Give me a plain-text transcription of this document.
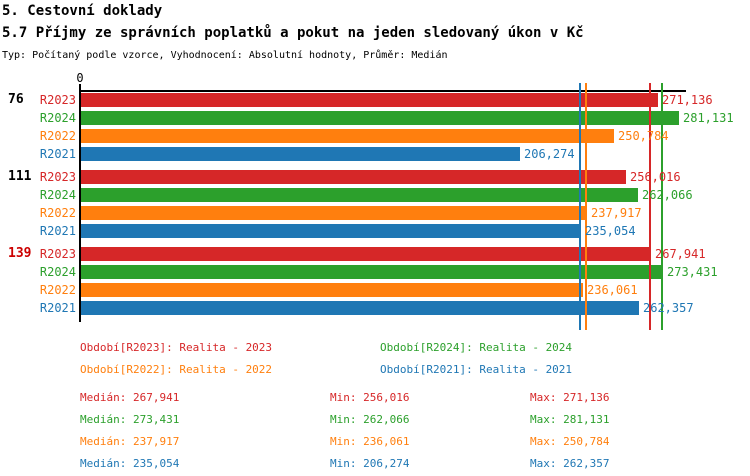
5. Cestovní doklady
5.7 Příjmy ze správních poplatků a pokut na jeden sledovaný úkon v Kč
Typ: Počítaný podle vzorce, Vyhodnocení: Absolutní hodnoty, Průměr: Medián
0
76	R2023	271,136
R2024	281,131
R2022	250,784
R2021	206,274
111 R2023	256,016
R2024	262,066
R2022	237,917
R2021	235,054
139 R2023	267,941
R2024	273,431
R2022	236,061
R2021	262,357
Období[R2023]: Realita - 2023	Období[R2024]: Realita - 2024
Období[R2022]: Realita - 2022	Období[R2021]: Realita - 2021
Medián: 267,941	Min: 256,016	Max: 271,136
Medián: 273,431	Min: 262,066	Max: 281,131
Medián: 237,917	Min: 236,061	Max: 250,784
Medián: 235,054	Min: 206,274	Max: 262,357
